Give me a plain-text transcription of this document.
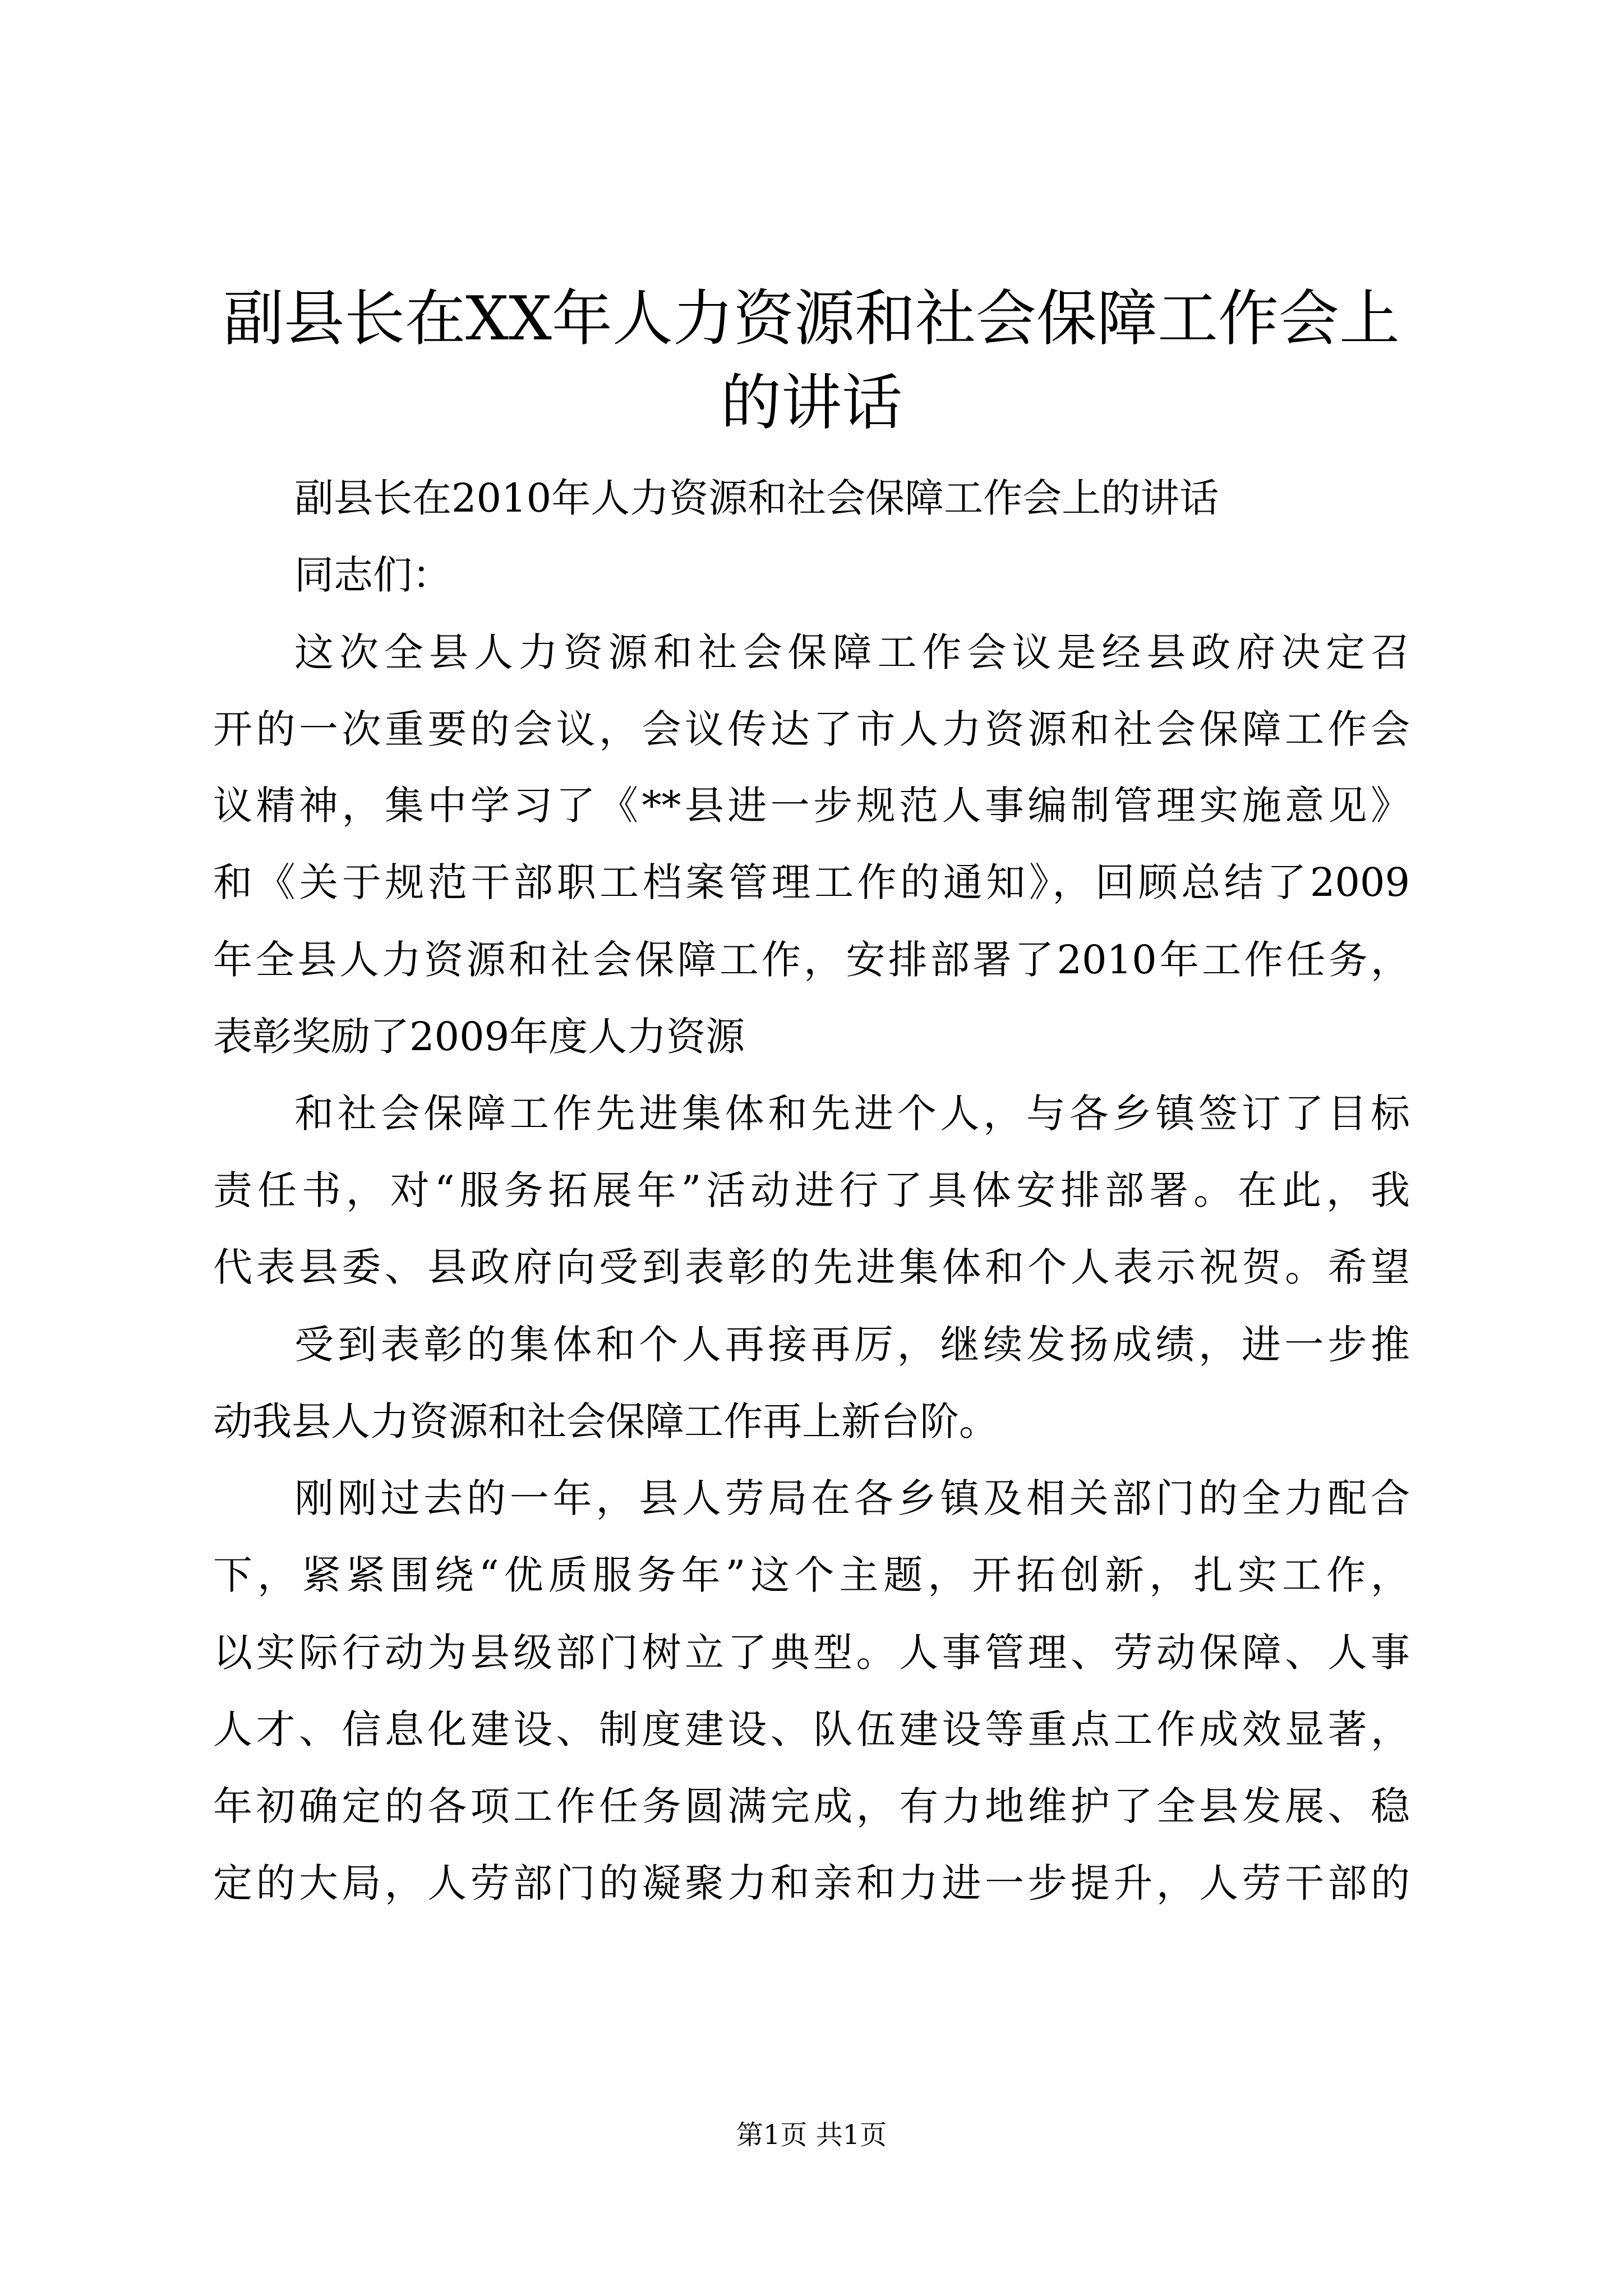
副县长在XX年人力资源和社会保障工作会上
的讲话
副县长在2010年人力资源和社会保障工作会上的讲话
同志们：
这次全县人力资源和社会保障工作会议是经县政府决定召
开的一次重要的会议，会议传达了市人力资源和社会保障工作会
议精神，集中学习了《**县进一步规范人事编制管理实施意见》
和《关于规范干部职工档案管理工作的通知》，回顾总结了2009
年全县人力资源和社会保障工作，安排部署了2010年工作任务，
表彰奖励了2009年度人力资源
和社会保障工作先进集体和先进个人，与各乡镇签订了目标
责任书，对“服务拓展年”活动进行了具体安排部署。在此，我
代表县委、县政府向受到表彰的先进集体和个人表示祝贺。希望
受到表彰的集体和个人再接再厉，继续发扬成绩，进一步推
动我县人力资源和社会保障工作再上新台阶。
刚刚过去的一年，县人劳局在各乡镇及相关部门的全力配合
下，紧紧围绕“优质服务年”这个主题，开拓创新，扎实工作，
以实际行动为县级部门树立了典型。人事管理、劳动保障、人事
人才、信息化建设、制度建设、队伍建设等重点工作成效显著，
年初确定的各项工作任务圆满完成，有力地维护了全县发展、稳
定的大局，人劳部门的凝聚力和亲和力进一步提升，人劳干部的
第1页 共1页
